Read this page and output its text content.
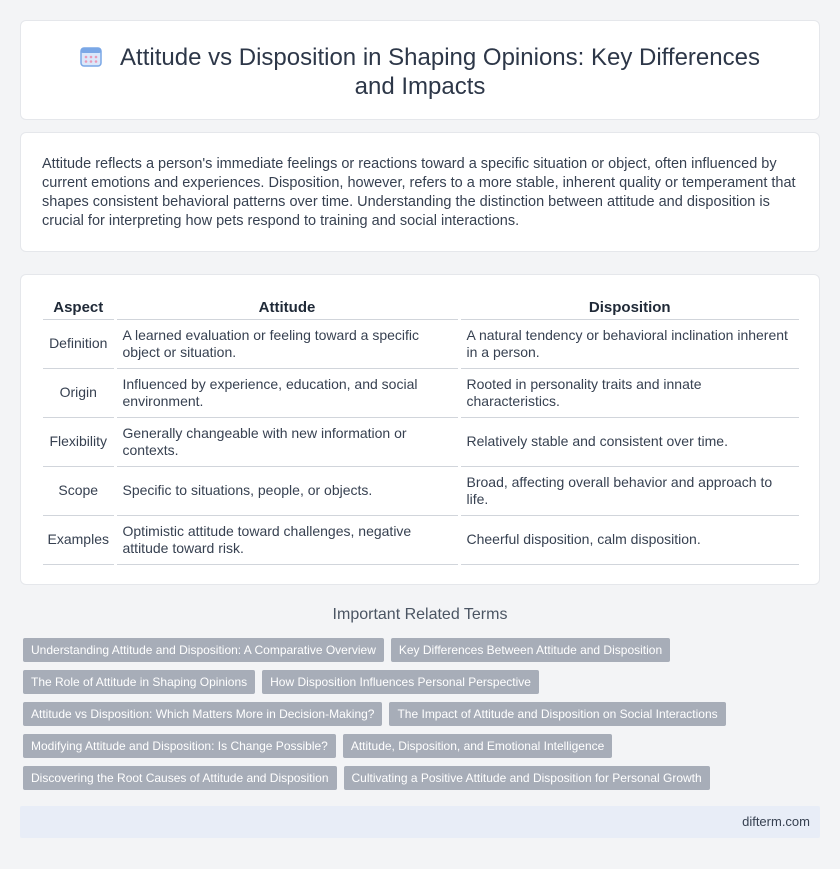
Attitude vs Disposition in Shaping Opinions: Key Differences and Impacts

Attitude reflects a person's immediate feelings or reactions toward a specific situation or object, often influenced by current emotions and experiences. Disposition, however, refers to a more stable, inherent quality or temperament that shapes consistent behavioral patterns over time. Understanding the distinction between attitude and disposition is crucial for interpreting how pets respond to training and social interactions.

Aspect	Attitude	Disposition
Definition	A learned evaluation or feeling toward a specific object or situation.	A natural tendency or behavioral inclination inherent in a person.
Origin	Influenced by experience, education, and social environment.	Rooted in personality traits and innate characteristics.
Flexibility	Generally changeable with new information or contexts.	Relatively stable and consistent over time.
Scope	Specific to situations, people, or objects.	Broad, affecting overall behavior and approach to life.
Examples	Optimistic attitude toward challenges, negative attitude toward risk.	Cheerful disposition, calm disposition.
Important Related Terms
Understanding Attitude and Disposition: A Comparative Overview Key Differences Between Attitude and Disposition
The Role of Attitude in Shaping Opinions How Disposition Influences Personal Perspective
Attitude vs Disposition: Which Matters More in Decision-Making? The Impact of Attitude and Disposition on Social Interactions
Modifying Attitude and Disposition: Is Change Possible? Attitude, Disposition, and Emotional Intelligence
Discovering the Root Causes of Attitude and Disposition Cultivating a Positive Attitude and Disposition for Personal Growth
difterm.com
